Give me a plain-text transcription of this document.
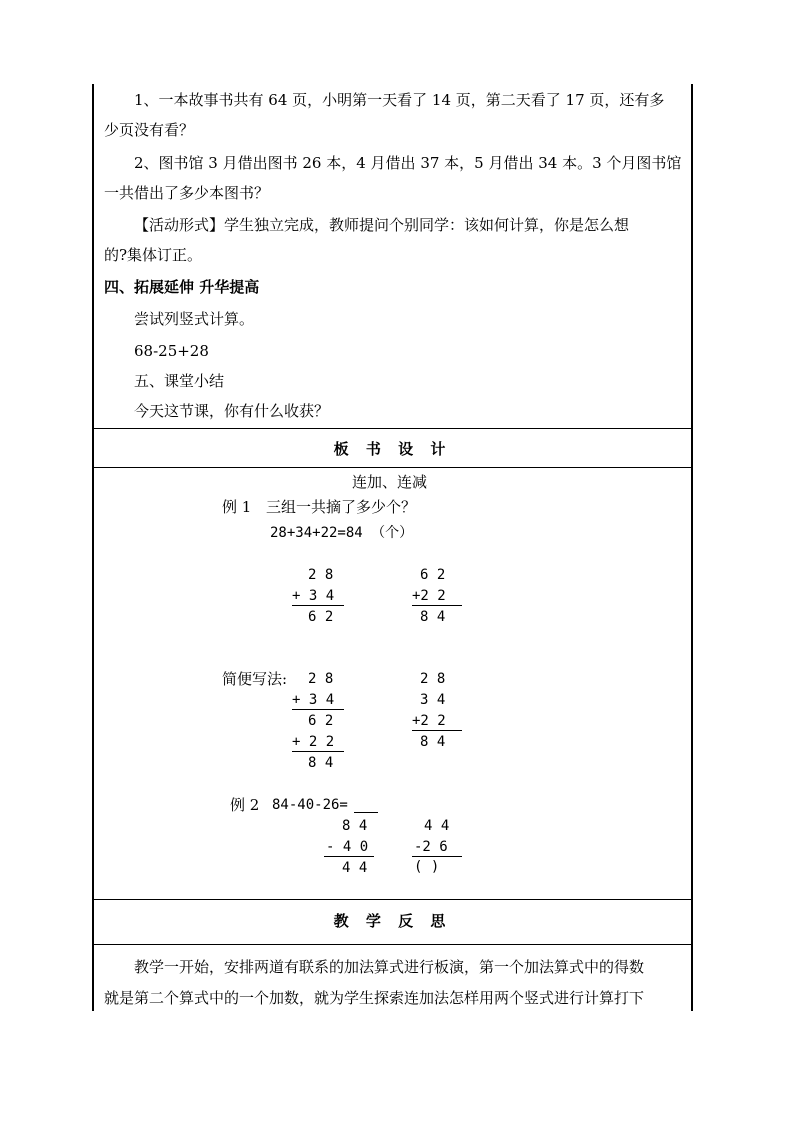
1、一本故事书共有 64 页，小明第一天看了 14 页，第二天看了 17 页，还有多
少页没有看？
2、图书馆 3 月借出图书 26 本，4 月借出 37 本，5 月借出 34 本。3 个月图书馆
一共借出了多少本图书？
【活动形式】学生独立完成，教师提问个别同学：该如何计算，你是怎么想
的?集体订正。
四、拓展延伸 升华提高
尝试列竖式计算。
68-25+28
五、课堂小结
今天这节课，你有什么收获？
板 书 设 计
连加、连减
例 1 三组一共摘了多少个？
28+34+22=84 （个）
2 8
+ 3 4
6 2
6 2
+2 2
8 4
简便写法: 2 8
+ 3 4
6 2
+ 2 2
8 4
2 8
3 4
+2 2
8 4
例 2 84-40-26=
8 4
- 4 0
4 4
4 4
-2 6
( )
教 学 反 思
教学一开始，安排两道有联系的加法算式进行板演，第一个加法算式中的得数
就是第二个算式中的一个加数，就为学生探索连加法怎样用两个竖式进行计算打下
